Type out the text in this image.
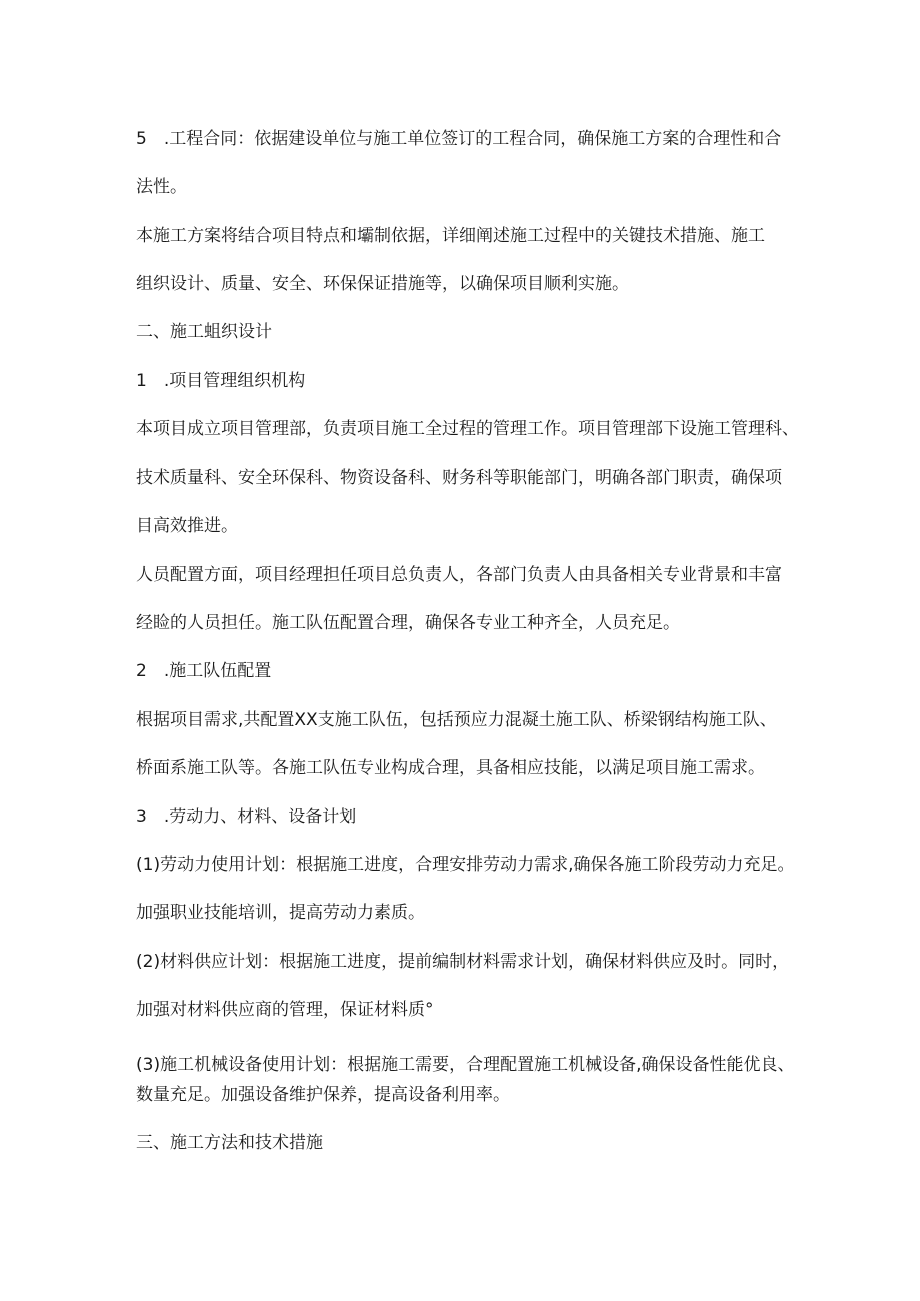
5　.工程合同：依据建设单位与施工单位签订的工程合同，确保施工方案的合理性和合
法性。
本施工方案将结合项目特点和壩制依据，详细阐述施工过程中的关键技术措施、施工
组织设计、质量、安全、环保保证措施等，以确保项目顺利实施。
二、施工蛆织设计
1　.项目管理组织机构
本项目成立项目管理部，负责项目施工全过程的管理工作。项目管理部下设施工管理科、
技术质量科、安全环保科、物资设备科、财务科等职能部门，明确各部门职责，确保项
目高效推进。
人员配置方面，项目经理担任项目总负责人，各部门负责人由具备相关专业背景和丰富
经睑的人员担任。施工队伍配置合理，确保各专业工种齐全，人员充足。
2　.施工队伍配置
根据项目需求,共配置XX支施工队伍，包括预应力混凝土施工队、桥梁钢结构施工队、
桥面系施工队等。各施工队伍专业构成合理，具备相应技能，以满足项目施工需求。
3　.劳动力、材料、设备计划
(1)劳动力使用计划：根据施工进度，合理安排劳动力需求,确保各施工阶段劳动力充足。
加强职业技能培训，提高劳动力素质。
(2)材料供应计划：根据施工进度，提前编制材料需求计划，确保材料供应及时。同时，
加强对材料供应商的管理，保证材料质°
(3)施工机械设备使用计划：根据施工需要，合理配置施工机械设备,确保设备性能优良、
数量充足。加强设备维护保养，提高设备利用率。
三、施工方法和技术措施
